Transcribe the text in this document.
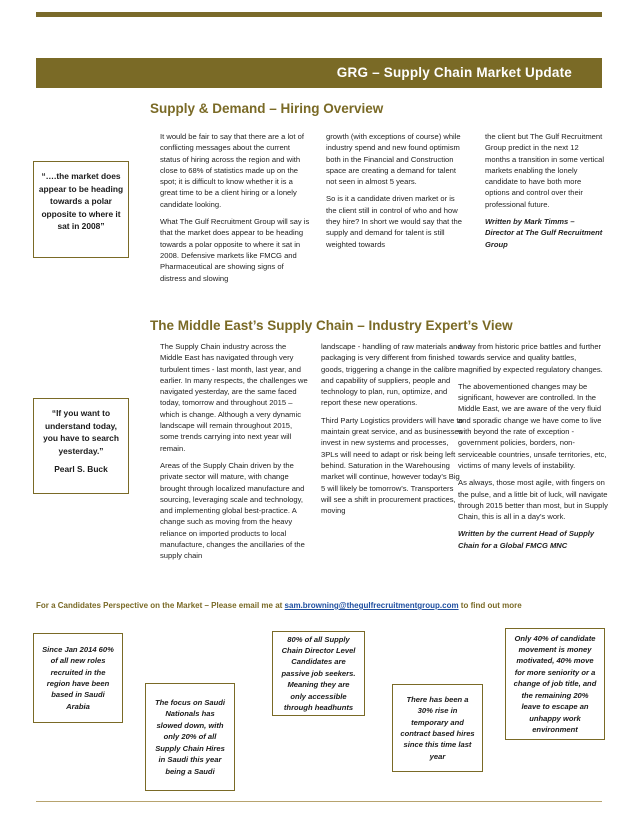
GRG – Supply Chain Market Update
Supply & Demand – Hiring Overview
“….the market does appear to be heading towards a polar opposite to where it sat in 2008”

It would be fair to say that there are a lot of conflicting messages about the current status of hiring across the region and with close to 68% of statistics made up on the spot; it is difficult to know whether it is a great time to be a client hiring or a lonely candidate looking.

What The Gulf Recruitment Group will say is that the market does appear to be heading towards a polar opposite to where it sat in 2008. Defensive markets like FMCG and Pharmaceutical are showing signs of distress and slowing

growth (with exceptions of course) while industry spend and new found optimism both in the Financial and Construction space are creating a demand for talent not seen in almost 5 years.

So is it a candidate driven market or is the client still in control of who and how they hire? In short we would say that the supply and demand for talent is still weighted towards

the client but The Gulf Recruitment Group predict in the next 12 months a transition in some vertical markets enabling the lonely candidate to have both more options and control over their professional future.

Written by Mark Timms – Director at The Gulf Recruitment Group

The Middle East’s Supply Chain – Industry Expert’s View
“If you want to understand today, you have to search yesterday.”
Pearl S. Buck

The Supply Chain industry across the Middle East has navigated through very turbulent times - last month, last year, and earlier. In many respects, the challenges we navigated yesterday, are the same faced today, tomorrow and throughout 2015 – which is change. Although a very dynamic landscape will remain throughout 2015, some trends carrying into next year will remain.

Areas of the Supply Chain driven by the private sector will mature, with change brought through localized manufacture and sourcing, leveraging scale and technology, and implementing global best-practice. A change such as moving from the heavy reliance on imported products to local manufacture, changes the ancillaries of the supply chain

landscape - handling of raw materials and packaging is very different from finished goods, triggering a change in the calibre and capability of suppliers, people and technology to plan, run, optimize, and report these new operations.

Third Party Logistics providers will have to maintain great service, and as businesses invest in new systems and processes, 3PLs will need to adapt or risk being left behind. Saturation in the Warehousing market will continue, however today’s Big 5 will likely be tomorrow’s. Transporters will see a shift in procurement practices, moving

away from historic price battles and further towards service and quality battles, magnified by expected regulatory changes.

The abovementioned changes may be significant, however are controlled. In the Middle East, we are aware of the very fluid and sporadic change we have come to live with beyond the rate of exception - government policies, borders, non-serviceable countries, unsafe territories, etc, victims of many levels of instability.

As always, those most agile, with fingers on the pulse, and a little bit of luck, will navigate through 2015 better than most, but in Supply Chain, this is all in a day’s work.

Written by the current Head of Supply Chain for a Global FMCG MNC

For a Candidates Perspective on the Market – Please email me at sam.browning@thegulfrecruitmentgroup.com to find out more
Since Jan 2014 60% of all new roles recruited in the region have been based in Saudi Arabia	The focus on Saudi Nationals has slowed down, with only 20% of all Supply Chain Hires in Saudi this year being a Saudi
80% of all Supply Chain Director Level Candidates are passive job seekers. Meaning they are only accessible through headhunts
There has been a 30% rise in temporary and contract based hires since this time last year
Only 40% of candidate movement is money motivated, 40% move for more seniority or a change of job title, and the remaining 20% leave to escape an unhappy work environment
